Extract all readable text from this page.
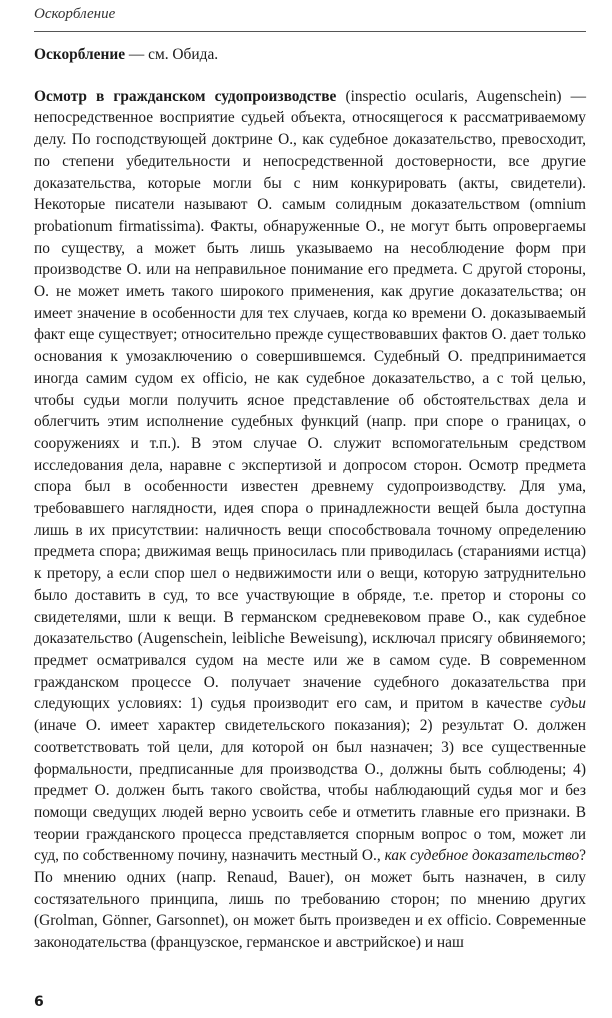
Оскорбление

Оскорбление — см. Обида.

Осмотр в гражданском судопроизводстве (inspectio ocularis, Augenschein) — непосредственное восприятие судьей объекта, относящегося к рассматриваемому делу. По господствующей доктрине О., как судебное доказательство, превосходит, по степени убедительности и непосредственной достоверности, все другие доказательства, которые могли бы с ним конкурировать (акты, свидетели). Некоторые писатели называют О. самым солидным доказательством (omnium probationum firmatissima). Факты, обнаруженные О., не могут быть опровергаемы по существу, а может быть лишь указываемо на несоблюдение форм при производстве О. или на неправильное понимание его предмета. С другой стороны, О. не может иметь такого широкого применения, как другие доказательства; он имеет значение в особенности для тех случаев, когда ко времени О. доказываемый факт еще существует; относительно прежде существовавших фактов О. дает только основания к умозаключению о совершившемся. Судебный О. предпринимается иногда самим судом ex officio, не как судебное доказательство, а с той целью, чтобы судьи могли получить ясное представление об обстоятельствах дела и облегчить этим исполнение судебных функций (напр. при споре о границах, о сооружениях и т.п.). В этом случае О. служит вспомогательным средством исследования дела, наравне с экспертизой и допросом сторон. Осмотр предмета спора был в особенности известен древнему судопроизводству. Для ума, требовавшего наглядности, идея спора о принадлежности вещей была доступна лишь в их присутствии: наличность вещи способствовала точному определению предмета спора; движимая вещь приносилась пли приводилась (стараниями истца) к претору, а если спор шел о недвижимости или о вещи, которую затруднительно было доставить в суд, то все участвующие в обряде, т.е. претор и стороны со свидетелями, шли к вещи. В германском средневековом праве О., как судебное доказательство (Augenschein, leibliche Beweisung), исключал присягу обвиняемого; предмет осматривался судом на месте или же в самом суде. В современном гражданском процессе О. получает значение судебного доказательства при следующих условиях: 1) судья производит его сам, и притом в качестве судьи (иначе О. имеет характер свидетельского показания); 2) результат О. должен соответствовать той цели, для которой он был назначен; 3) все существенные формальности, предписанные для производства О., должны быть соблюдены; 4) предмет О. должен быть такого свойства, чтобы наблюдающий судья мог и без помощи сведущих людей верно усвоить себе и отметить главные его признаки. В теории гражданского процесса представляется спорным вопрос о том, может ли суд, по собственному почину, назначить местный О., как судебное доказательство? По мнению одних (напр. Renaud, Bauer), он может быть назначен, в силу состязательного принципа, лишь по требованию сторон; по мнению других (Grolman, Gönner, Garsonnet), он может быть произведен и ex officio. Современные законодательства (французское, германское и австрийское) и наш

6
